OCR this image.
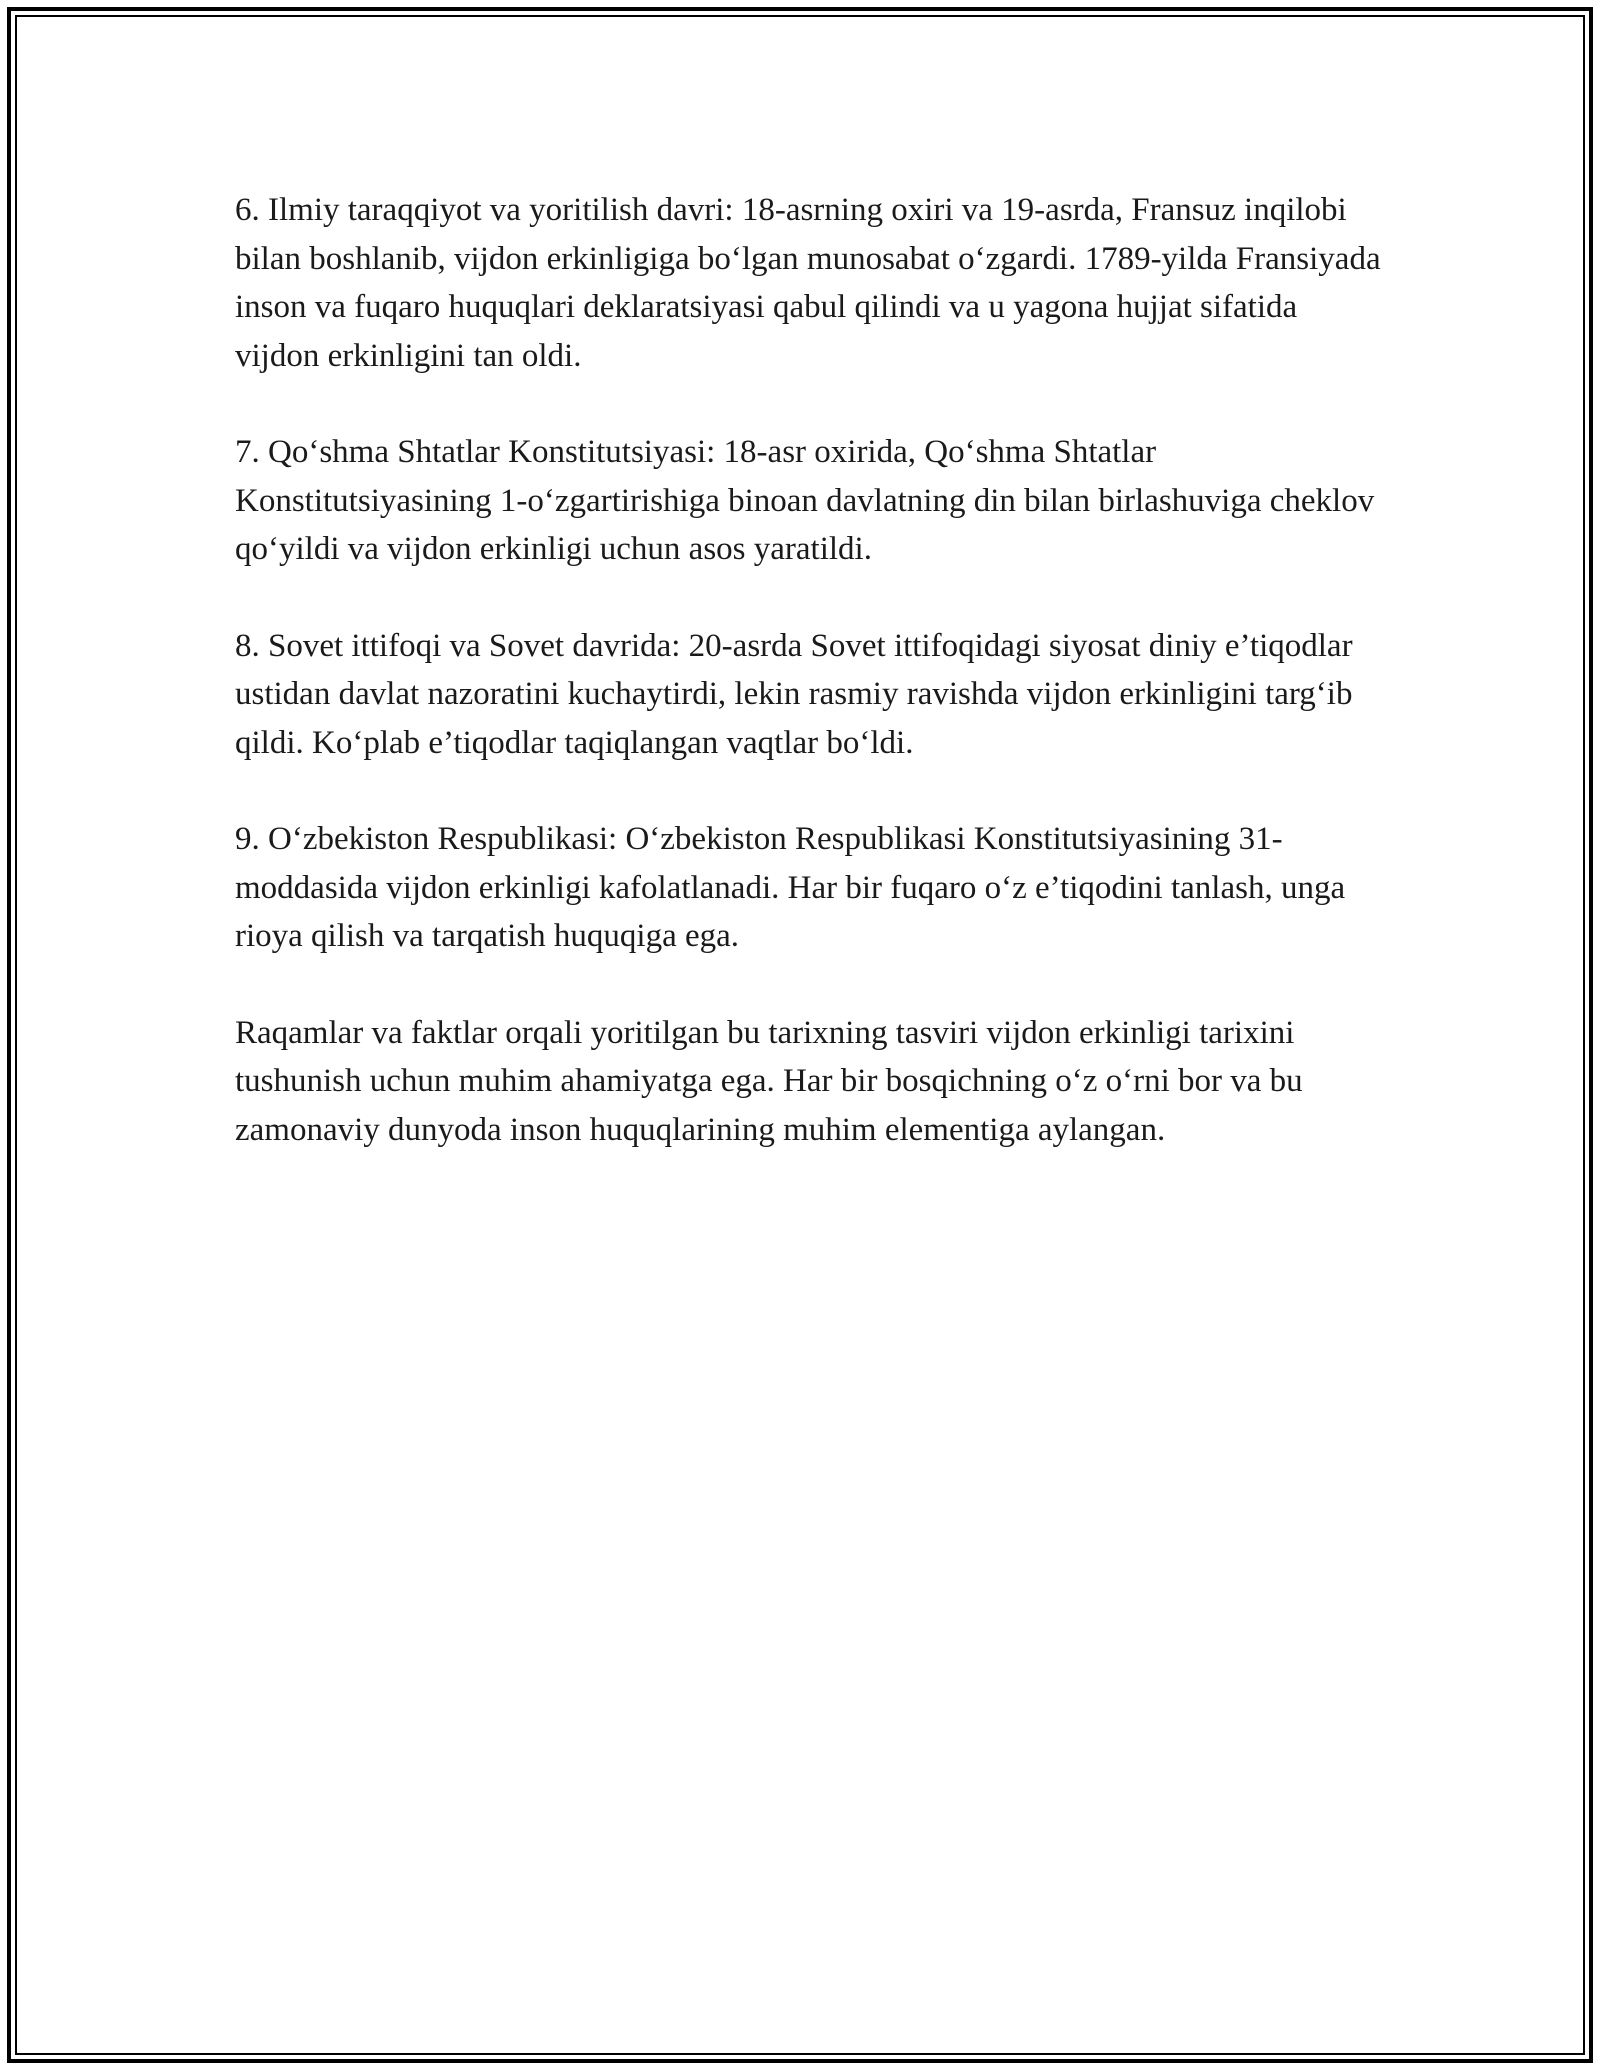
6. Ilmiy taraqqiyot va yoritilish davri: 18-asrning oxiri va 19-asrda, Fransuz inqilobi bilan boshlanib, vijdon erkinligiga bo‘lgan munosabat o‘zgardi. 1789-yilda Fransiyada inson va fuqaro huquqlari deklaratsiyasi qabul qilindi va u yagona hujjat sifatida vijdon erkinligini tan oldi.

7. Qo‘shma Shtatlar Konstitutsiyasi: 18-asr oxirida, Qo‘shma Shtatlar Konstitutsiyasining 1-o‘zgartirishiga binoan davlatning din bilan birlashuviga cheklov qo‘yildi va vijdon erkinligi uchun asos yaratildi.

8. Sovet ittifoqi va Sovet davrida: 20-asrda Sovet ittifoqidagi siyosat diniy e’tiqodlar ustidan davlat nazoratini kuchaytirdi, lekin rasmiy ravishda vijdon erkinligini targ‘ib qildi. Ko‘plab e’tiqodlar taqiqlangan vaqtlar bo‘ldi.

9. O‘zbekiston Respublikasi: O‘zbekiston Respublikasi Konstitutsiyasining 31-moddasida vijdon erkinligi kafolatlanadi. Har bir fuqaro o‘z e’tiqodini tanlash, unga rioya qilish va tarqatish huquqiga ega.

Raqamlar va faktlar orqali yoritilgan bu tarixning tasviri vijdon erkinligi tarixini tushunish uchun muhim ahamiyatga ega. Har bir bosqichning o‘z o‘rni bor va bu zamonaviy dunyoda inson huquqlarining muhim elementiga aylangan.
